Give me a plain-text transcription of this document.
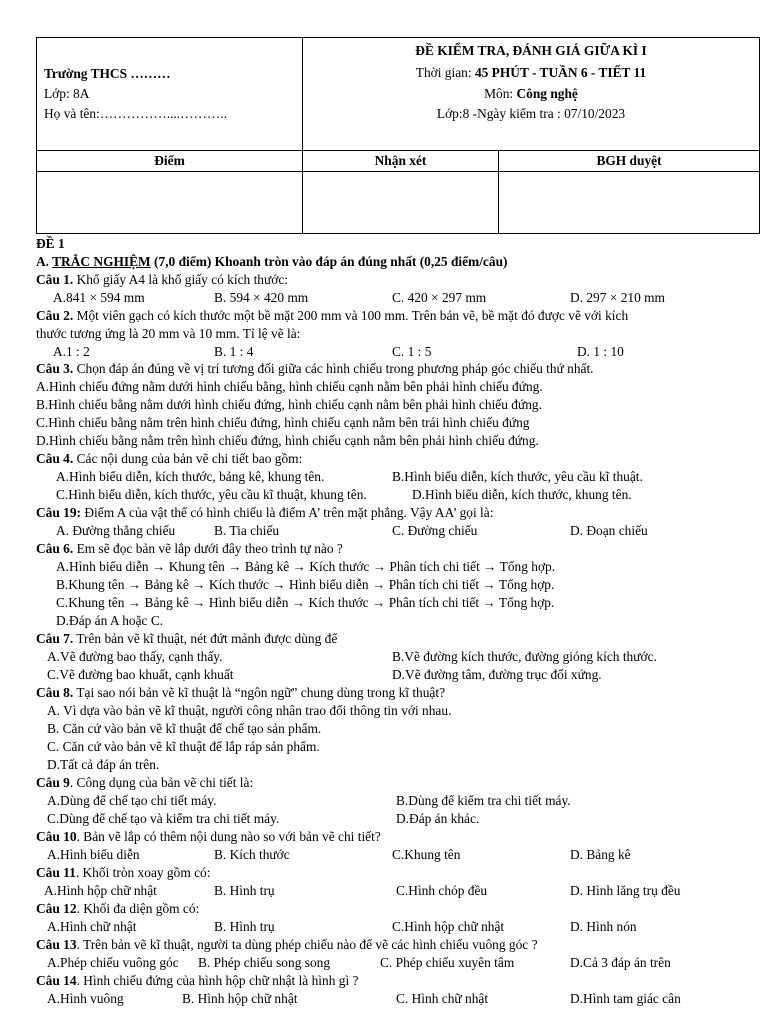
Trường THCS ………
Lớp: 8A
Họ và tên:……………....………..	ĐỀ KIỂM TRA, ĐÁNH GIÁ GIỮA KÌ I
Thời gian: 45 PHÚT - TUẦN 6 - TIẾT 11
Môn: Công nghệ
Lớp:8 -Ngày kiểm tra : 07/10/2023	

Điểm	Nhận xét	BGH duyệt

ĐỀ 1
A. TRẮC NGHIỆM (7,0 điểm) Khoanh tròn vào đáp án đúng nhất (0,25 điểm/câu)
Câu 1. Khổ giấy A4 là khổ giấy có kích thước:
A.841 × 594 mm	B. 594 × 420 mm	C. 420 × 297 mm	D. 297 × 210 mm
Câu 2. Một viên gạch có kích thước một bề mặt 200 mm và 100 mm. Trên bản vẽ, bề mặt đó được vẽ với kích
thước tương ứng là 20 mm và 10 mm. Tỉ lệ vẽ là:
A.1 : 2	B. 1 : 4	C. 1 : 5	D. 1 : 10
Câu 3. Chọn đáp án đúng về vị trí tương đối giữa các hình chiếu trong phương pháp góc chiếu thứ nhất.
A.Hình chiếu đứng nằm dưới hình chiếu bằng, hình chiếu cạnh nằm bên phải hình chiếu đứng.
B.Hình chiếu bằng nằm dưới hình chiếu đứng, hình chiếu cạnh nằm bên phải hình chiếu đứng.
C.Hình chiếu bằng nằm trên hình chiếu đứng, hình chiếu cạnh nằm bên trái hình chiếu đứng
D.Hình chiếu bằng nằm trên hình chiếu đứng, hình chiếu cạnh nằm bên phải hình chiếu đứng.
Câu 4. Các nội dung của bản vẽ chi tiết bao gồm:
A.Hình biểu diễn, kích thước, bảng kê, khung tên.	B.Hình biểu diễn, kích thước, yêu cầu kĩ thuật.
C.Hình biểu diễn, kích thước, yêu cầu kĩ thuật, khung tên.	D.Hình biểu diễn, kích thước, khung tên.
Câu 19: Điểm A của vật thể có hình chiếu là điểm A’ trên mặt phẳng. Vậy AA’ gọi là:
A. Đường thẳng chiếu	B. Tia chiếu	C. Đường chiếu	D. Đoạn chiếu
Câu 6. Em sẽ đọc bản vẽ lắp dưới đây theo trình tự nào ?
A.Hình biểu diễn → Khung tên → Bảng kê → Kích thước → Phân tích chi tiết → Tổng hợp.
B.Khung tên → Bảng kê → Kích thước → Hình biểu diễn → Phân tích chi tiết → Tổng hợp.
C.Khung tên → Bảng kê → Hình biểu diễn → Kích thước → Phân tích chi tiết → Tổng hợp.
D.Đáp án A hoặc C.
Câu 7. Trên bản vẽ kĩ thuật, nét đứt mảnh được dùng để
A.Vẽ đường bao thấy, cạnh thấy.	B.Vẽ đường kích thước, đường gióng kích thước.
C.Vẽ đường bao khuất, cạnh khuất	D.Vẽ đường tâm, đường trục đối xứng.
Câu 8. Tại sao nói bản vẽ kĩ thuật là “ngôn ngữ” chung dùng trong kĩ thuật?
A. Vì dựa vào bản vẽ kĩ thuật, người công nhân trao đổi thông tin với nhau.
B. Căn cứ vào bản vẽ kĩ thuật để chế tạo sản phẩm.
C. Căn cứ vào bản vẽ kĩ thuật để lắp ráp sản phẩm.
D.Tất cả đáp án trên.
Câu 9. Công dụng của bản vẽ chi tiết là:
A.Dùng để chế tạo chi tiết máy.	B.Dùng để kiểm tra chi tiết máy.
C.Dùng để chế tạo và kiểm tra chi tiết máy.	D.Đáp án khác.
Câu 10. Bản vẽ lắp có thêm nội dung nào so với bản vẽ chi tiết?
A.Hình biểu diễn	B. Kích thước	C.Khung tên	D. Bảng kê
Câu 11. Khối tròn xoay gồm có:
A.Hình hộp chữ nhật	B. Hình trụ	C.Hình chóp đều	D. Hình lăng trụ đều
Câu 12. Khối đa diện gồm có:
A.Hình chữ nhật	B. Hình trụ	C.Hình hộp chữ nhật	D. Hình nón
Câu 13. Trên bản vẽ kĩ thuật, người ta dùng phép chiếu nào để vẽ các hình chiếu vuông góc ?
A.Phép chiếu vuông góc B. Phép chiếu song song	C. Phép chiếu xuyên tâm	D.Cả 3 đáp án trên
Câu 14. Hình chiếu đứng của hình hộp chữ nhật là hình gì ?
A.Hình vuông	B. Hình hộp chữ nhật	C. Hình chữ nhật	D.Hình tam giác cân
